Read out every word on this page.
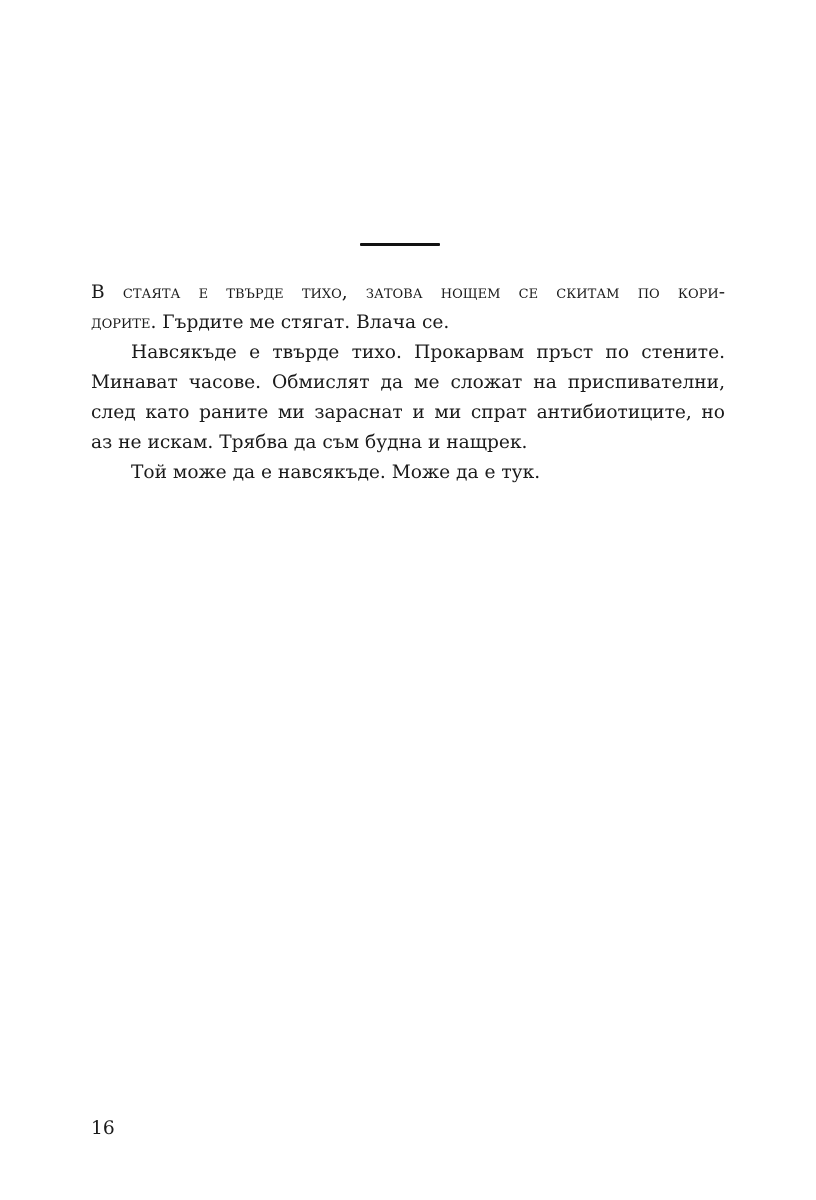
В стаята е твърде тихо, затова нощем се скитам по кори-
дорите. Гърдите ме стягат. Влача се.
Навсякъде е твърде тихо. Прокарвам пръст по стените.
Минават часове. Обмислят да ме сложат на приспивателни,
след като раните ми зараснат и ми спрат антибиотиците, но
аз не искам. Трябва да съм будна и нащрек.
Той може да е навсякъде. Може да е тук.
16
